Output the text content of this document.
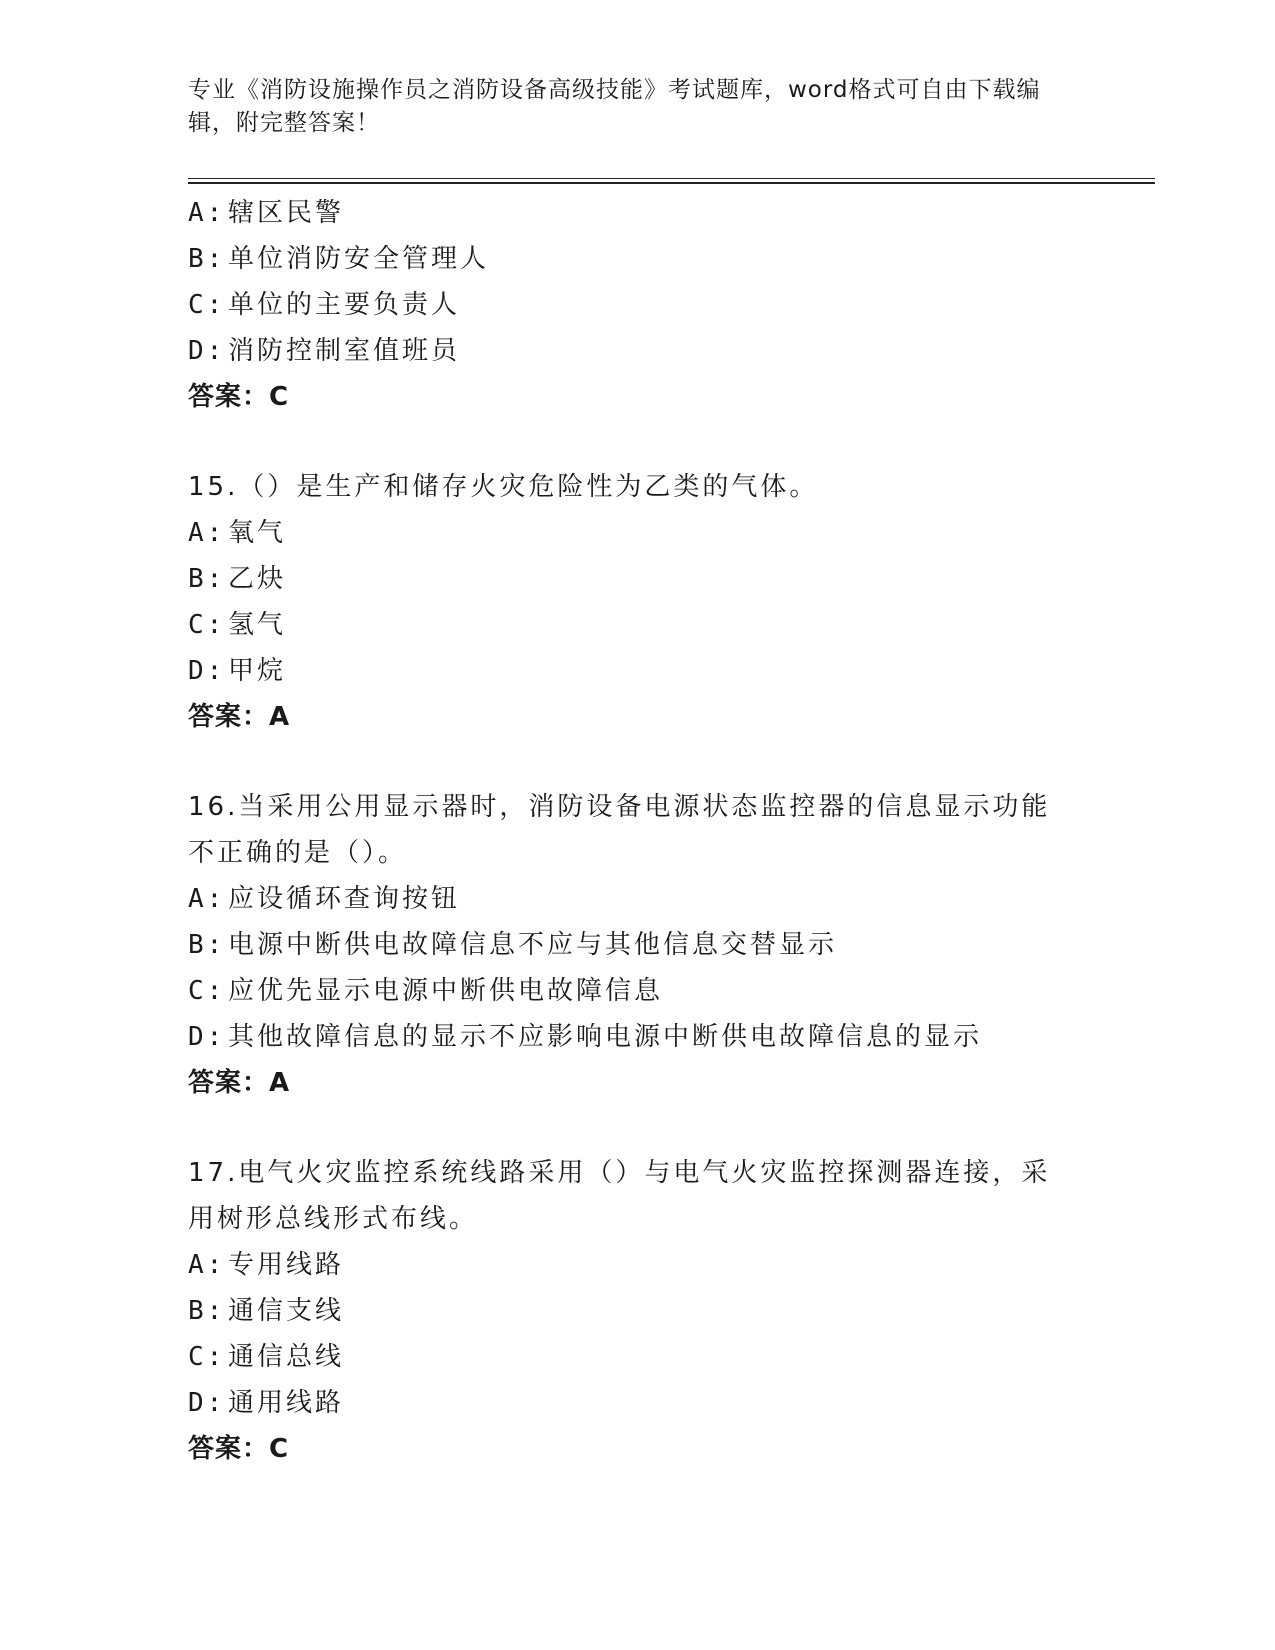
专业《消防设施操作员之消防设备高级技能》考试题库，word格式可自由下载编
辑，附完整答案！
A: 辖区民警
B: 单位消防安全管理人
C: 单位的主要负责人
D: 消防控制室值班员
答案：C
15.（）是生产和储存火灾危险性为乙类的气体。
A: 氧气
B: 乙炔
C: 氢气
D: 甲烷
答案：A
16.当采用公用显示器时，消防设备电源状态监控器的信息显示功能不正确的是（）。
A: 应设循环查询按钮
B: 电源中断供电故障信息不应与其他信息交替显示
C: 应优先显示电源中断供电故障信息
D: 其他故障信息的显示不应影响电源中断供电故障信息的显示
答案：A
17.电气火灾监控系统线路采用（）与电气火灾监控探测器连接，采用树形总线形式布线。
A: 专用线路
B: 通信支线
C: 通信总线
D: 通用线路
答案：C
